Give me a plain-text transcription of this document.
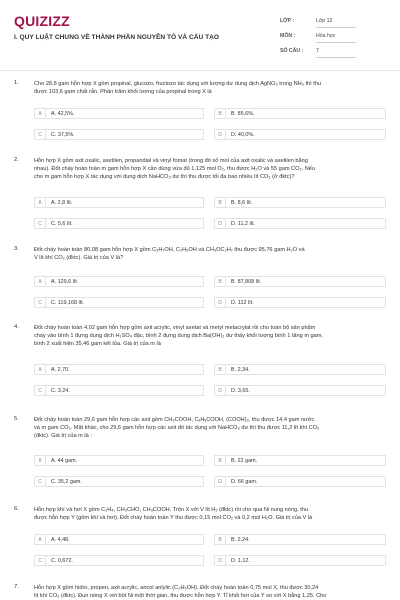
QUIZIZZ
I. QUY LUẬT CHUNG VỀ THÀNH PHẦN NGUYÊN TỐ VÀ CẤU TẠO
LỚP :	Lớp 12
MÔN :	Hóa học
SỐ CÂU : 7
1.	Cho 28,8 gam hỗn hợp X gồm propinal, glucozo, fructozo tác dụng với lượng dư dung dịch AgNO₃ trong NH₃ thì thu
được 103,6 gam chất rắn. Phần trăm khối lượng của propinal trong X là
A	A. 42,5%.	B	B. 85,6%.
C	C. 37,5%.	D	D. 40,0%.
2.	Hỗn hợp X gồm axit oxalic, axetilen, propandial và vinyl fomat (trong đó số mol của axit oxalic và axetilen bằng
nhau). Đốt cháy hoàn toàn m gam hỗn hợp X cần dùng vừa đủ 1,125 mol O₂, thu được H₂O và 55 gam CO₂. Nếu
cho m gam hỗn hợp X tác dụng với dung dịch NaHCO₃ dư thì thu được tối đa bao nhiêu lít CO₂ (ở đktc)?
A	A. 2,8 lít.	B	B. 8,6 lít.
C	C. 5,6 lít.	D	D. 11,2 lít.
3.	Đốt cháy hoàn toàn 80,08 gam hỗn hợp X gồm C₃H₇OH, C₂H₅OH và CH₃OC₃H₇ thu được 95,76 gam H₂O và
V lít khí CO₂ (đktc). Giá trị của V là?
A	A. 129,6 lít.	B	B. 87,808 lít.
C	C. 119,168 lít.	D	D. 112 lít.
4.	Đốt cháy hoàn toàn 4,02 gam hỗn hợp gồm axit acrylic, vinyl axetat và metyl metacrylat rồi cho toàn bộ sản phẩm
cháy vào bình 1 đựng dung dịch H₂SO₄ đặc, bình 2 đựng dung dịch Ba(OH)₂ dư thấy khối lượng bình 1 tăng m gam,
bình 2 xuất hiện 35,46 gam kết tủa. Giá trị của m là
A	A. 2,70.	B	B. 2,34.
C	C. 3,24.	D	D. 3,65.
5.	Đốt cháy hoàn toàn 29,6 gam hỗn hợp các axit gồm CH₃COOH, CₓHᵧCOOH, (COOH)₂, thu được 14,4 gam nước
và m gam CO₂. Mặt khác, cho 29,6 gam hỗn hợp các axit đó tác dụng với NaHCO₃ dư thì thu được 11,2 lít khí CO₂
(đktc). Giá trị của m là :
A	A. 44 gam.	B	B. 22 gam.
C	C. 35,2 gam.	D	D. 66 gam.
6.	Hỗn hợp khí và hơi X gồm C₂H₄, CH₃CHO, CH₃COOH. Trộn X với V lít H₂ (đktc) rồi cho qua Ni nung nóng, thu
được hỗn hợp Y (gồm khí và hơi). Đốt cháy hoàn toàn Y thu được 0,15 mol CO₂ và 0,2 mol H₂O. Giá trị của V là
A	A. 4,48.	B	B. 2,24.
C	C. 0,672.	D	D. 1,12.
7.	Hỗn hợp X gồm hidro, propen, axit acrylic, ancol anlylic (C₃H₅OH). Đốt cháy hoàn toàn 0,75 mol X, thu được 30,24
lít khí CO₂ (đktc). Đun nóng X với bột Ni một thời gian, thu được hỗn hợp Y. Tỉ khối hơi của Y so với X bằng 1,25. Cho
